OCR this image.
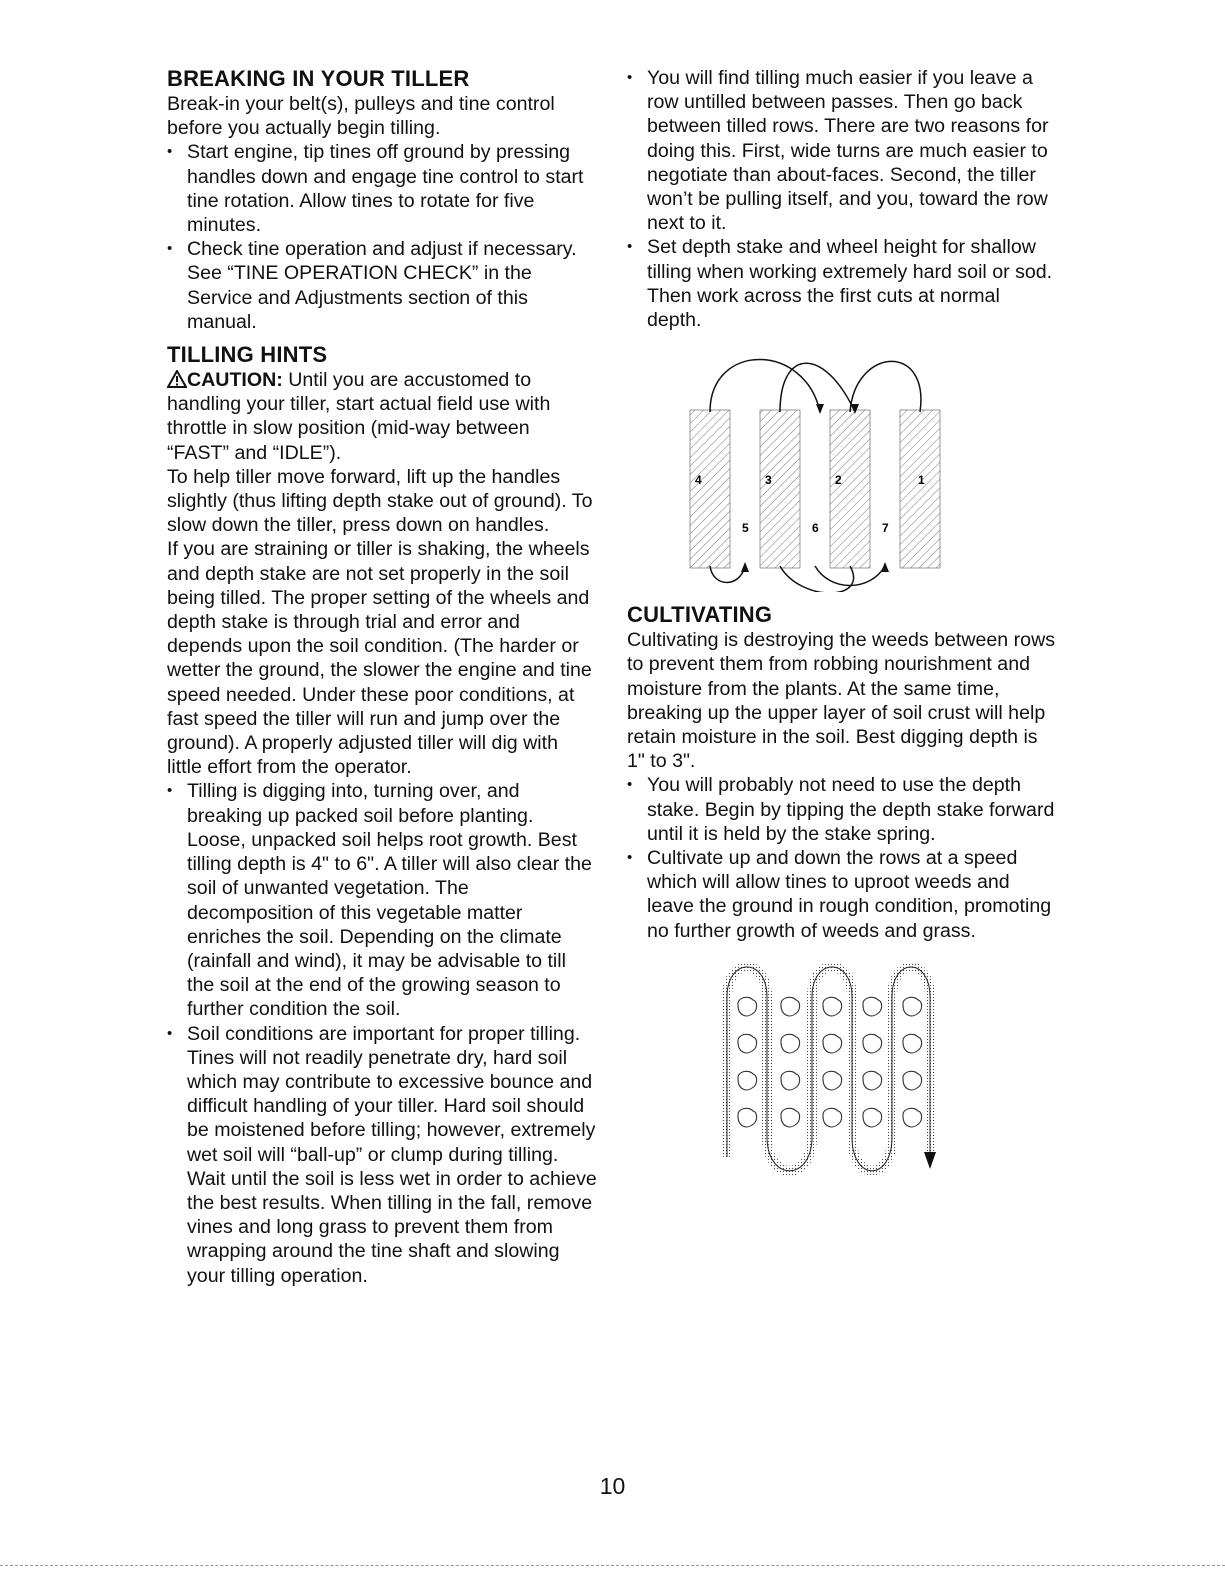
BREAKING IN YOUR TILLER

Break-in your belt(s), pulleys and tine control before you actually begin tilling.

• Start engine, tip tines off ground by pressing handles down and engage tine control to start tine rotation. Allow tines to rotate for five minutes.
• Check tine operation and adjust if necessary. See “TINE OPERATION CHECK” in the Service and Adjustments section of this manual.
TILLING HINTS

CAUTION: Until you are accustomed to handling your tiller, start actual field use with throttle in slow position (mid-way between “FAST” and “IDLE”).

To help tiller move forward, lift up the handles slightly (thus lifting depth stake out of ground). To slow down the tiller, press down on handles.

If you are straining or tiller is shaking, the wheels and depth stake are not set properly in the soil being tilled. The proper setting of the wheels and depth stake is through trial and error and depends upon the soil condition. (The harder or wetter the ground, the slower the engine and tine speed needed. Under these poor conditions, at fast speed the tiller will run and jump over the ground). A properly adjusted tiller will dig with little effort from the operator.

• Tilling is digging into, turning over, and breaking up packed soil before planting. Loose, unpacked soil helps root growth. Best tilling depth is 4" to 6". A tiller will also clear the soil of unwanted vegetation. The decomposition of this vegetable matter enriches the soil. Depending on the climate (rainfall and wind), it may be advisable to till the soil at the end of the growing season to further condition the soil.
• Soil conditions are important for proper tilling. Tines will not readily penetrate dry, hard soil which may contribute to excessive bounce and difficult handling of your tiller. Hard soil should be moistened before tilling; however, extremely wet soil will “ball-up” or clump during tilling. Wait until the soil is less wet in order to achieve the best results. When tilling in the fall, remove vines and long grass to prevent them from wrapping around the tine shaft and slowing your tilling operation.
• You will find tilling much easier if you leave a row untilled between passes. Then go back between tilled rows. There are two reasons for doing this. First, wide turns are much easier to negotiate than about-faces. Second, the tiller won’t be pulling itself, and you, toward the row next to it.
• Set depth stake and wheel height for shallow tilling when working extremely hard soil or sod. Then work across the first cuts at normal depth.
4	3	2	1
5	6	7
CULTIVATING

Cultivating is destroying the weeds between rows to prevent them from robbing nourishment and moisture from the plants. At the same time, breaking up the upper layer of soil crust will help retain moisture in the soil. Best digging depth is 1" to 3".

• You will probably not need to use the depth stake. Begin by tipping the depth stake forward until it is held by the stake spring.
• Cultivate up and down the rows at a speed which will allow tines to uproot weeds and leave the ground in rough condition, promoting no further growth of weeds and grass.
10
